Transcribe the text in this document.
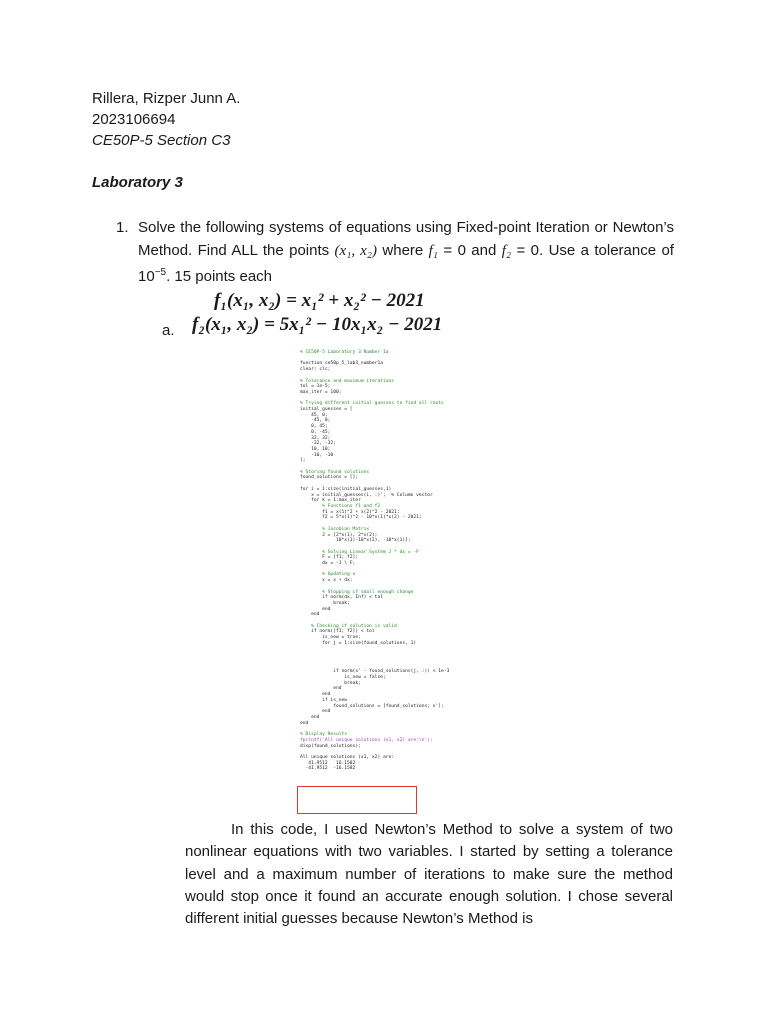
Rillera, Rizper Junn A.
2023106694
CE50P-5 Section C3
Laboratory 3
1. Solve the following systems of equations using Fixed-point Iteration or Newton’s Method. Find ALL the points (x₁, x₂) where f₁ = 0 and f₂ = 0. Use a tolerance of $10^{-5}$. 15 points each
f₁(x₁, x₂) = x₁² + x₂² − 2021
f₂(x₁, x₂) = 5x₁² − 10x₁x₂ − 2021
a.
% CE50P-5 Laboratory 3 Number 1a

function ce50p_5_lab3_number1a
clear; clc;

% Tolerance and maximum iterations
tol = 1e-5;
max_iter = 100;

% Trying different initial guesses to find all roots
initial_guesses = [
45, 0;
-45, 0;
0, 45;
0, -45;
32, 32;
-32, -32;
10, 10;
-10, -10
];

% Storing found solutions
found_solutions = [];

for i = 1:size(initial_guesses,1)
x = initial_guesses(i, :)';  % Column vector
for k = 1:max_iter
% Functions f1 and f2
f1 = x(1)^2 + x(2)^2 - 2021;
f2 = 5*x(1)^2 - 10*x(1)*x(2) - 2021;

% Jacobian Matrix
J = [2*x(1), 2*x(2);
10*x(1)-10*x(2), -10*x(1)];

% Solving Linear System J * dx = -F
F = [f1; f2];
dx = -J \ F;

% Updating x
x = x + dx;

% Stopping if small enough change
if norm(dx, Inf) < tol
break;
end
end

% Checking if solution is valid
if norm([f1; f2]) < tol
is_new = true;
for j = 1:size(found_solutions, 1)

if norm(x' - found_solutions(j, :)) < 1e-3
is_new = false;
break;
end
end
if is_new
found_solutions = [found_solutions; x'];
end
end
end

% Display Results
fprintf('All unique solutions (x1, x2) are:\n');
disp(found_solutions);

All unique solutions (x1, x2) are:
41.9512   16.1582
-41.9512  -16.1582
In this code, I used Newton’s Method to solve a system of two nonlinear equations with two variables. I started by setting a tolerance level and a maximum number of iterations to make sure the method would stop once it found an accurate enough solution. I chose several different initial guesses because Newton’s Method is
